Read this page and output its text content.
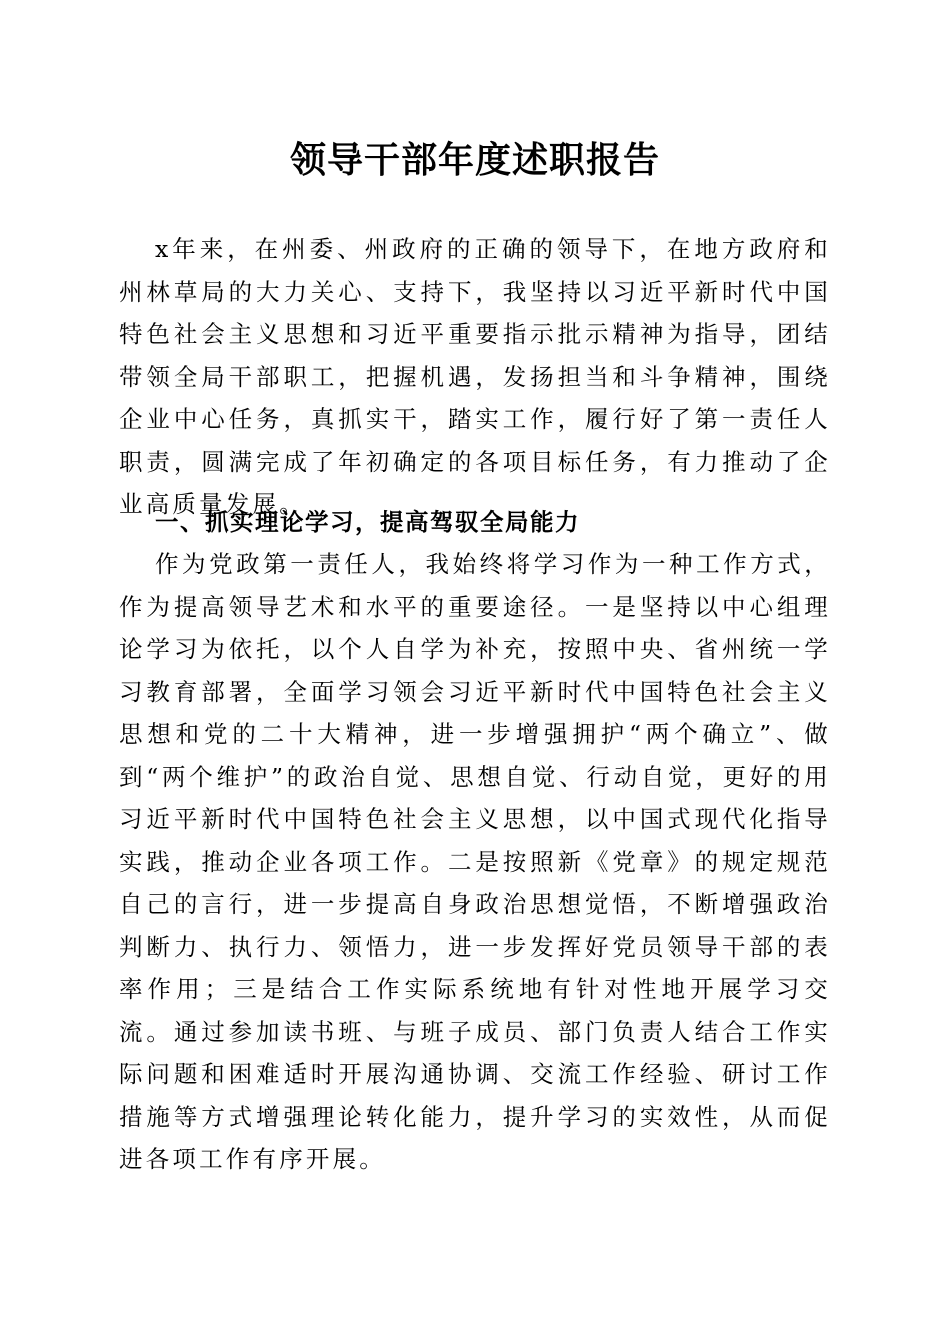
领导干部年度述职报告

x年来，在州委、州政府的正确的领导下，在地方政府和州林草局的大力关心、支持下，我坚持以习近平新时代中国特色社会主义思想和习近平重要指示批示精神为指导，团结带领全局干部职工，把握机遇，发扬担当和斗争精神，围绕企业中心任务，真抓实干，踏实工作，履行好了第一责任人职责，圆满完成了年初确定的各项目标任务，有力推动了企业高质量发展。

一、抓实理论学习，提高驾驭全局能力

作为党政第一责任人，我始终将学习作为一种工作方式，作为提高领导艺术和水平的重要途径。一是坚持以中心组理论学习为依托，以个人自学为补充，按照中央、省州统一学习教育部署，全面学习领会习近平新时代中国特色社会主义思想和党的二十大精神，进一步增强拥护“两个确立”、做到“两个维护”的政治自觉、思想自觉、行动自觉，更好的用习近平新时代中国特色社会主义思想，以中国式现代化指导实践，推动企业各项工作。二是按照新《党章》的规定规范自己的言行，进一步提高自身政治思想觉悟，不断增强政治判断力、执行力、领悟力，进一步发挥好党员领导干部的表率作用；三是结合工作实际系统地有针对性地开展学习交流。通过参加读书班、与班子成员、部门负责人结合工作实际问题和困难适时开展沟通协调、交流工作经验、研讨工作措施等方式增强理论转化能力，提升学习的实效性，从而促进各项工作有序开展。
